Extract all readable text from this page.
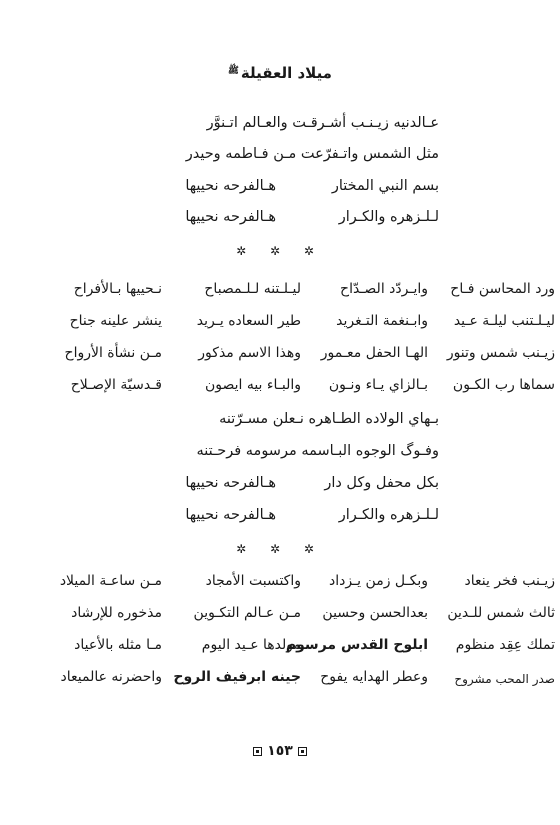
ميلاد العقيلةﷺ
عـالدنيه زيـنـب أشـرقـت والعـالم اتـنوَّر
مثل الشمس واتـفرّعت مـن فـاطمه وحيدر
بسم النبي المختار
هـالفرحه نحييها
لـلـزهره والكـرار
هـالفرحه نحييها
✲ ✲ ✲
ورد المحاسن فـاح
وايـردّد الصـدّاح
ليـلـتنه لـلـمصباح
نـحييها بـالأفراح
ليـلـتنب ليلـة عـيد
وابـنغمة التـغريد
طير السعاده يـريد
ينشر علينه جناح
زيـنب شمس وتنور
الهـا الحفل معـمور
وهذا الاسم مذكور
مـن نشأة الأرواح
سماها رب الكـون
بـالزاي يـاء ونـون
والبـاء بيه ايصون
قـدسيّة الإصـلاح
بـهاي الولاده الطـاهره نـعلن مسـرّتنه
وفـوگ الوجوه البـاسمه مرسومه فرحـتنه
بكل محفل وكل دار
هـالفرحه نحييها
لـلـزهره والكـرار
هـالفرحه نحييها
✲ ✲ ✲
زيـنب فخر ينعاد
وبكـل زمن يـزداد
واكتسبت الأمجاد
مـن ساعـة الميلاد
ثالث شمس للـدين
بعدالحسن وحسين
مـن عـالم التكـوين
مذخوره للإرشاد
تملك عِقِد منظوم
ابلوح القدس مرسوم
مولدها عـيد اليوم
مـا مثله بالأعياد
صدر المحب مشروح
وعطر الهدايه يفوح
جينه ابرفيف الروح
واحضرنه عالميعاد
١٥٣
